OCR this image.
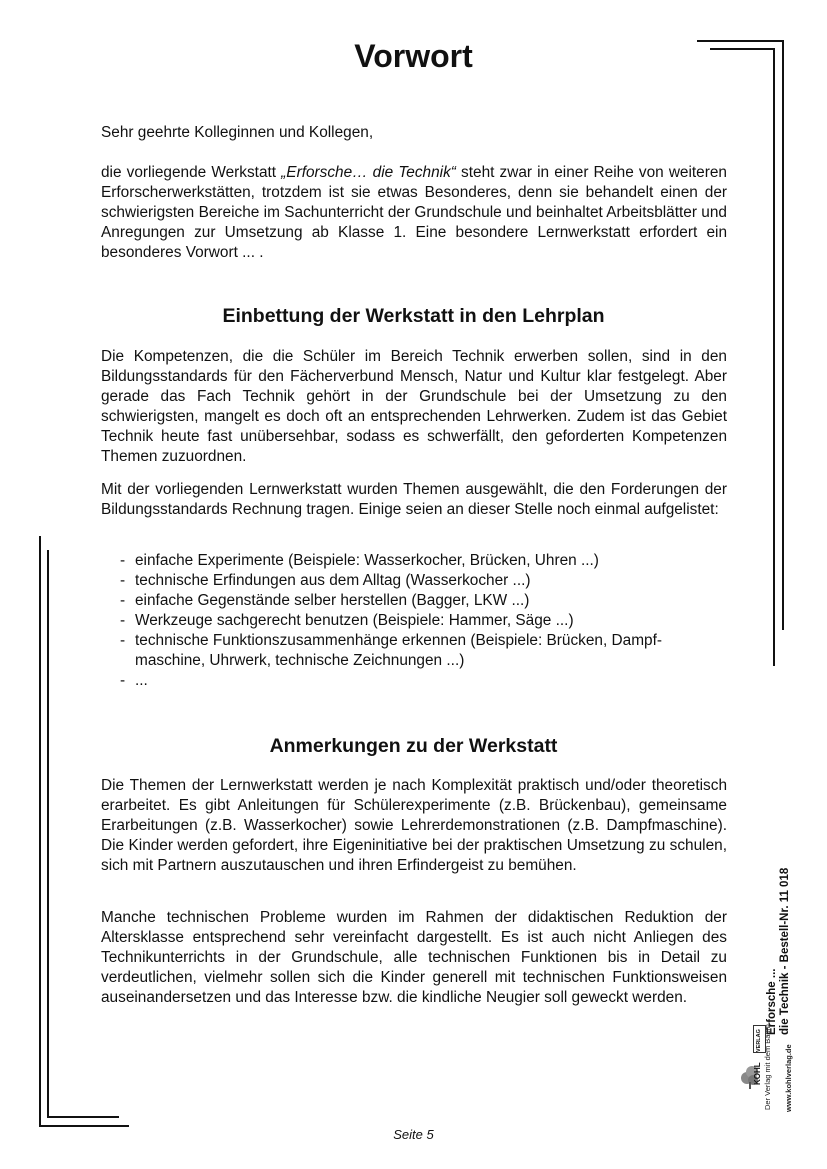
Vorwort

Sehr geehrte Kolleginnen und Kollegen,

die vorliegende Werkstatt „Erforsche… die Technik“ steht zwar in einer Reihe von weiteren Erforscherwerkstätten, trotzdem ist sie etwas Besonderes, denn sie behandelt einen der schwierigsten Bereiche im Sachunterricht der Grundschule und beinhaltet Arbeitsblätter und Anregungen zur Umsetzung ab Klasse 1. Eine besondere Lernwerkstatt erfordert ein besonderes Vorwort ... .

Einbettung der Werkstatt in den Lehrplan

Die Kompetenzen, die die Schüler im Bereich Technik erwerben sollen, sind in den Bildungsstandards für den Fächerverbund Mensch, Natur und Kultur klar festgelegt. Aber gerade das Fach Technik gehört in der Grundschule bei der Umsetzung zu den schwierigsten, mangelt es doch oft an entsprechenden Lehrwerken. Zudem ist das Gebiet Technik heute fast unübersehbar, sodass es schwerfällt, den geforderten Kompetenzen Themen zuzuordnen.

Mit der vorliegenden Lernwerkstatt wurden Themen ausgewählt, die den Forderungen der Bildungsstandards Rechnung tragen. Einige seien an dieser Stelle noch einmal aufgelistet:

- einfache Experimente (Beispiele: Wasserkocher, Brücken, Uhren ...)
- technische Erfindungen aus dem Alltag (Wasserkocher ...)
- einfache Gegenstände selber herstellen (Bagger, LKW ...)
- Werkzeuge sachgerecht benutzen (Beispiele: Hammer, Säge ...)
- technische Funktionszusammenhänge erkennen (Beispiele: Brücken, Dampfmaschine, Uhrwerk, technische Zeichnungen ...)
- ...
Anmerkungen zu der Werkstatt

Die Themen der Lernwerkstatt werden je nach Komplexität praktisch und/oder theoretisch erarbeitet. Es gibt Anleitungen für Schülerexperimente (z.B. Brückenbau), gemeinsame Erarbeitungen (z.B. Wasserkocher) sowie Lehrerdemonstrationen (z.B. Dampfmaschine). Die Kinder werden gefordert, ihre Eigeninitiative bei der praktischen Umsetzung zu schulen, sich mit Partnern auszutauschen und ihren Erfindergeist zu bemühen.

Manche technischen Probleme wurden im Rahmen der didaktischen Reduktion der Altersklasse entsprechend sehr vereinfacht dargestellt. Es ist auch nicht Anliegen des Technikunterrichts in der Grundschule, alle technischen Funktionen bis in Detail zu verdeutlichen, vielmehr sollen sich die Kinder generell mit technischen Funktionsweisen auseinandersetzen und das Interesse bzw. die kindliche Neugier soll geweckt werden.	Erforsche ... die Technik - Bestell-Nr. 11 018
KOHL
VERLAG Der Verlag mit dem Baum www.kohlverlag.de

Seite 5
